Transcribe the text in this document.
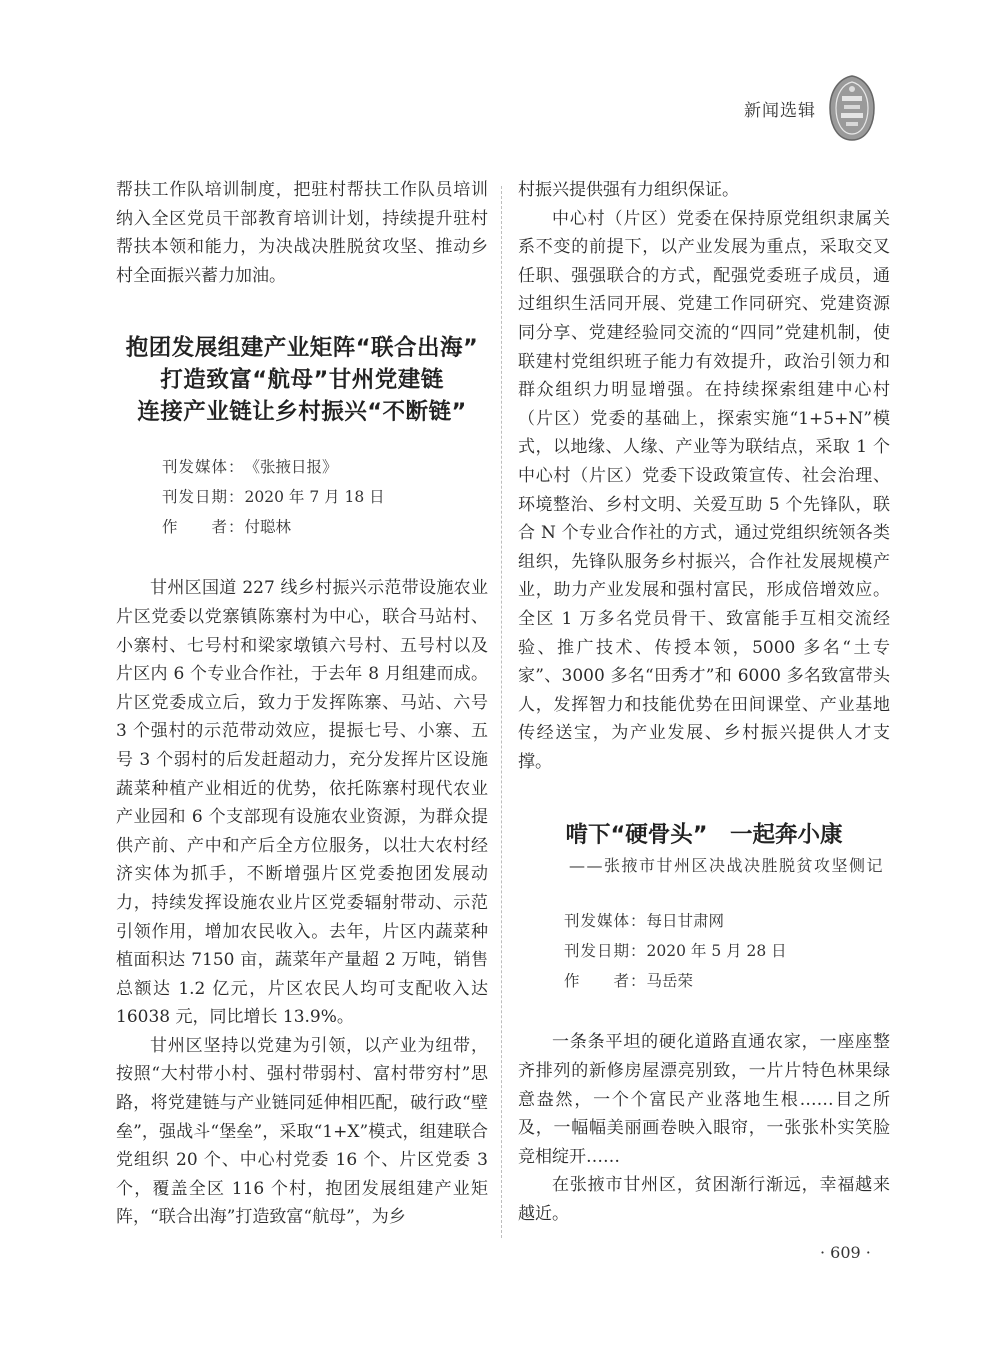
新闻选辑

帮扶工作队培训制度，把驻村帮扶工作队员培训纳入全区党员干部教育培训计划，持续提升驻村帮扶本领和能力，为决战决胜脱贫攻坚、推动乡村全面振兴蓄力加油。

抱团发展组建产业矩阵“联合出海”
打造致富“航母”甘州党建链
连接产业链让乡村振兴“不断链”
刊发媒体：《张掖日报》
刊发日期：2020 年 7 月 18 日
作　　者：付聪林

甘州区国道 227 线乡村振兴示范带设施农业片区党委以党寨镇陈寨村为中心，联合马站村、小寨村、七号村和梁家墩镇六号村、五号村以及片区内 6 个专业合作社，于去年 8 月组建而成。片区党委成立后，致力于发挥陈寨、马站、六号 3 个强村的示范带动效应，提振七号、小寨、五号 3 个弱村的后发赶超动力，充分发挥片区设施蔬菜种植产业相近的优势，依托陈寨村现代农业产业园和 6 个支部现有设施农业资源，为群众提供产前、产中和产后全方位服务，以壮大农村经济实体为抓手，不断增强片区党委抱团发展动力，持续发挥设施农业片区党委辐射带动、示范引领作用，增加农民收入。去年，片区内蔬菜种植面积达 7150 亩，蔬菜年产量超 2 万吨，销售总额达 1.2 亿元，片区农民人均可支配收入达 16038 元，同比增长 13.9%。

甘州区坚持以党建为引领，以产业为纽带，按照“大村带小村、强村带弱村、富村带穷村”思路，将党建链与产业链同延伸相匹配，破行政“壁垒”，强战斗“堡垒”，采取“1+X”模式，组建联合党组织 20 个、中心村党委 16 个、片区党委 3 个，覆盖全区 116 个村，抱团发展组建产业矩阵，“联合出海”打造致富“航母”，为乡

村振兴提供强有力组织保证。

中心村（片区）党委在保持原党组织隶属关系不变的前提下，以产业发展为重点，采取交叉任职、强强联合的方式，配强党委班子成员，通过组织生活同开展、党建工作同研究、党建资源同分享、党建经验同交流的“四同”党建机制，使联建村党组织班子能力有效提升，政治引领力和群众组织力明显增强。在持续探索组建中心村（片区）党委的基础上，探索实施“1+5+N”模式，以地缘、人缘、产业等为联结点，采取 1 个中心村（片区）党委下设政策宣传、社会治理、环境整治、乡村文明、关爱互助 5 个先锋队，联合 N 个专业合作社的方式，通过党组织统领各类组织，先锋队服务乡村振兴，合作社发展规模产业，助力产业发展和强村富民，形成倍增效应。全区 1 万多名党员骨干、致富能手互相交流经验、推广技术、传授本领，5000 多名“土专家”、3000 多名“田秀才”和 6000 多名致富带头人，发挥智力和技能优势在田间课堂、产业基地传经送宝，为产业发展、乡村振兴提供人才支撑。

啃下“硬骨头”　一起奔小康
——张掖市甘州区决战决胜脱贫攻坚侧记
刊发媒体：每日甘肃网
刊发日期：2020 年 5 月 28 日
作　　者：马岳荣

一条条平坦的硬化道路直通农家，一座座整齐排列的新修房屋漂亮别致，一片片特色林果绿意盎然，一个个富民产业落地生根……目之所及，一幅幅美丽画卷映入眼帘，一张张朴实笑脸竞相绽开……

在张掖市甘州区，贫困渐行渐远，幸福越来越近。

· 609 ·
